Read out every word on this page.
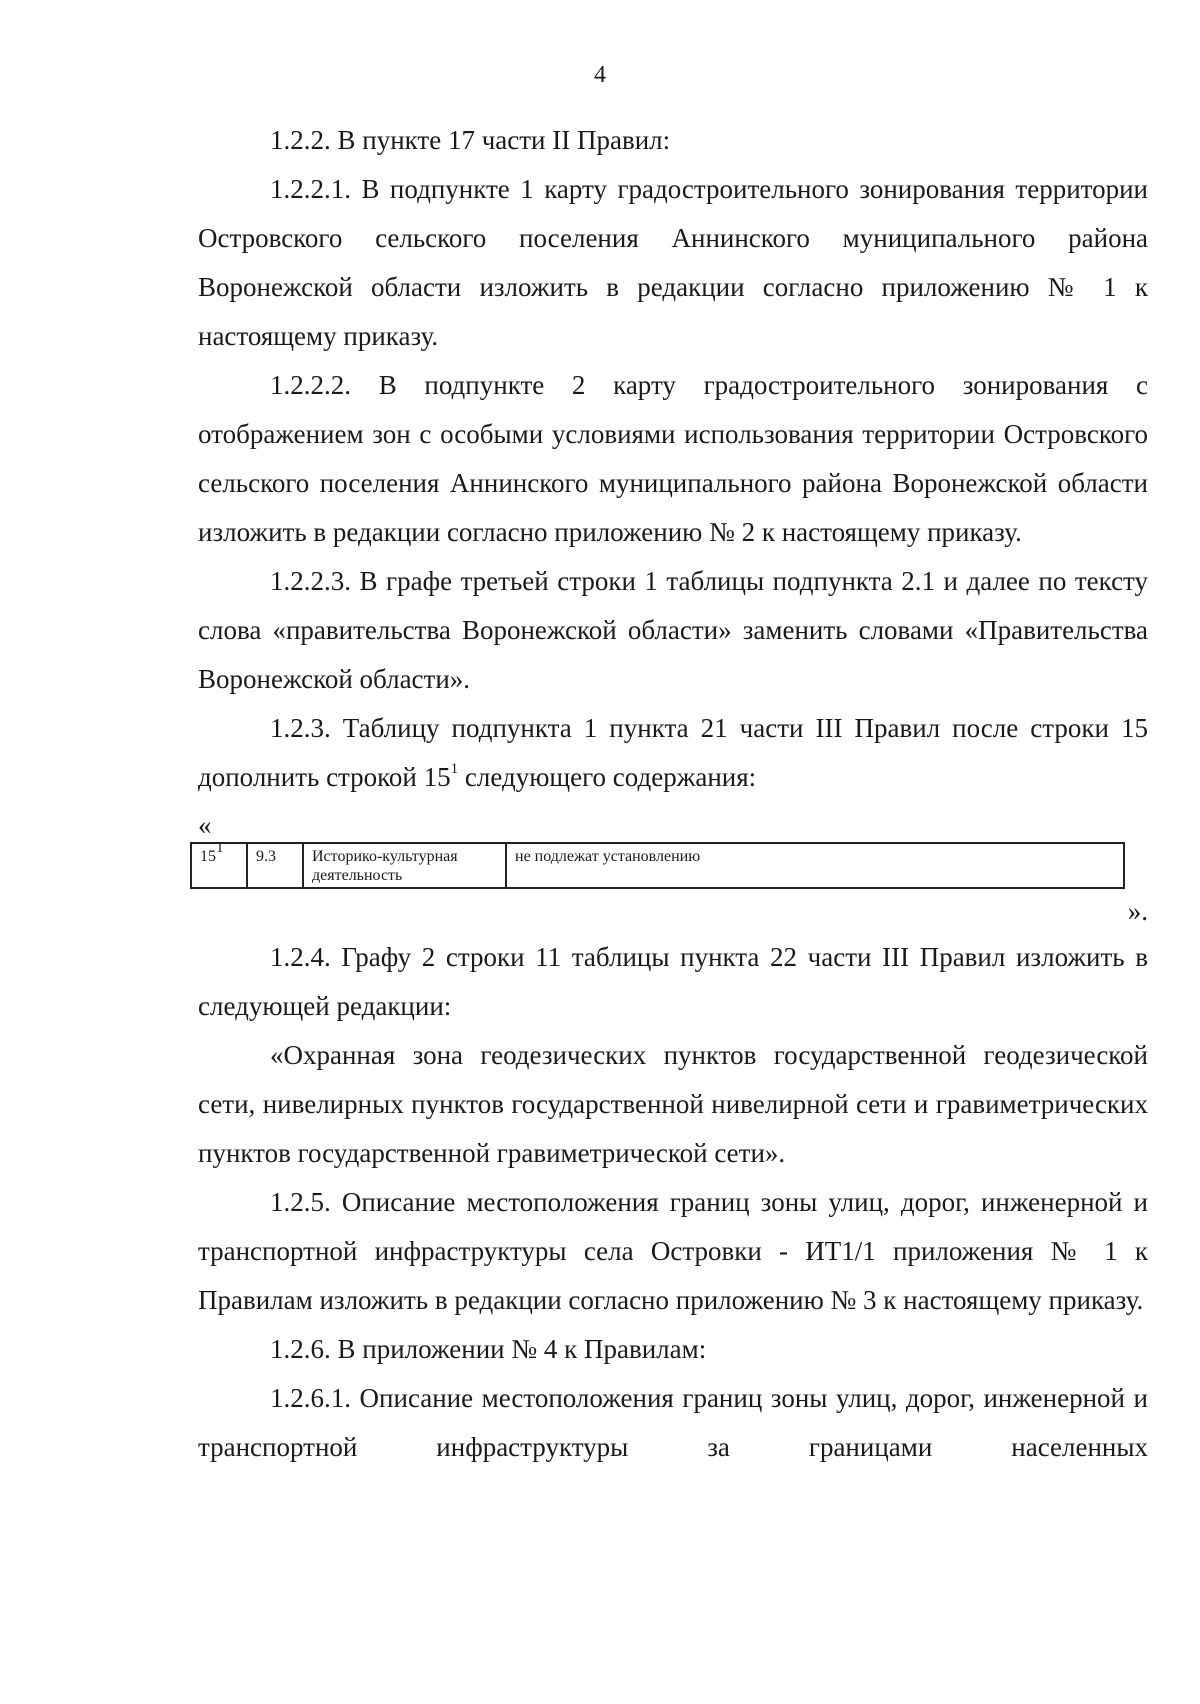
4

1.2.2. В пункте 17 части II Правил:

1.2.2.1. В подпункте 1 карту градостроительного зонирования территории Островского сельского поселения Аннинского муниципального района Воронежской области изложить в редакции согласно приложению № 1 к настоящему приказу.

1.2.2.2. В подпункте 2 карту градостроительного зонирования с отображением зон с особыми условиями использования территории Островского сельского поселения Аннинского муниципального района Воронежской области изложить в редакции согласно приложению № 2 к настоящему приказу.

1.2.2.3. В графе третьей строки 1 таблицы подпункта 2.1 и далее по тексту слова «правительства Воронежской области» заменить словами «Правительства Воронежской области».

1.2.3. Таблицу подпункта 1 пункта 21 части III Правил после строки 15 дополнить строкой $15^1$ следующего содержания:

«

$15^1$	9.3	Историко-культурная деятельность	не подлежат установлению

».

1.2.4. Графу 2 строки 11 таблицы пункта 22 части III Правил изложить в следующей редакции:

«Охранная зона геодезических пунктов государственной геодезической сети, нивелирных пунктов государственной нивелирной сети и гравиметрических пунктов государственной гравиметрической сети».

1.2.5. Описание местоположения границ зоны улиц, дорог, инженерной и транспортной инфраструктуры села Островки - ИТ1/1 приложения № 1 к Правилам изложить в редакции согласно приложению № 3 к настоящему приказу.

1.2.6. В приложении № 4 к Правилам:

1.2.6.1. Описание местоположения границ зоны улиц, дорог, инженерной и транспортной инфраструктуры за границами населенных
